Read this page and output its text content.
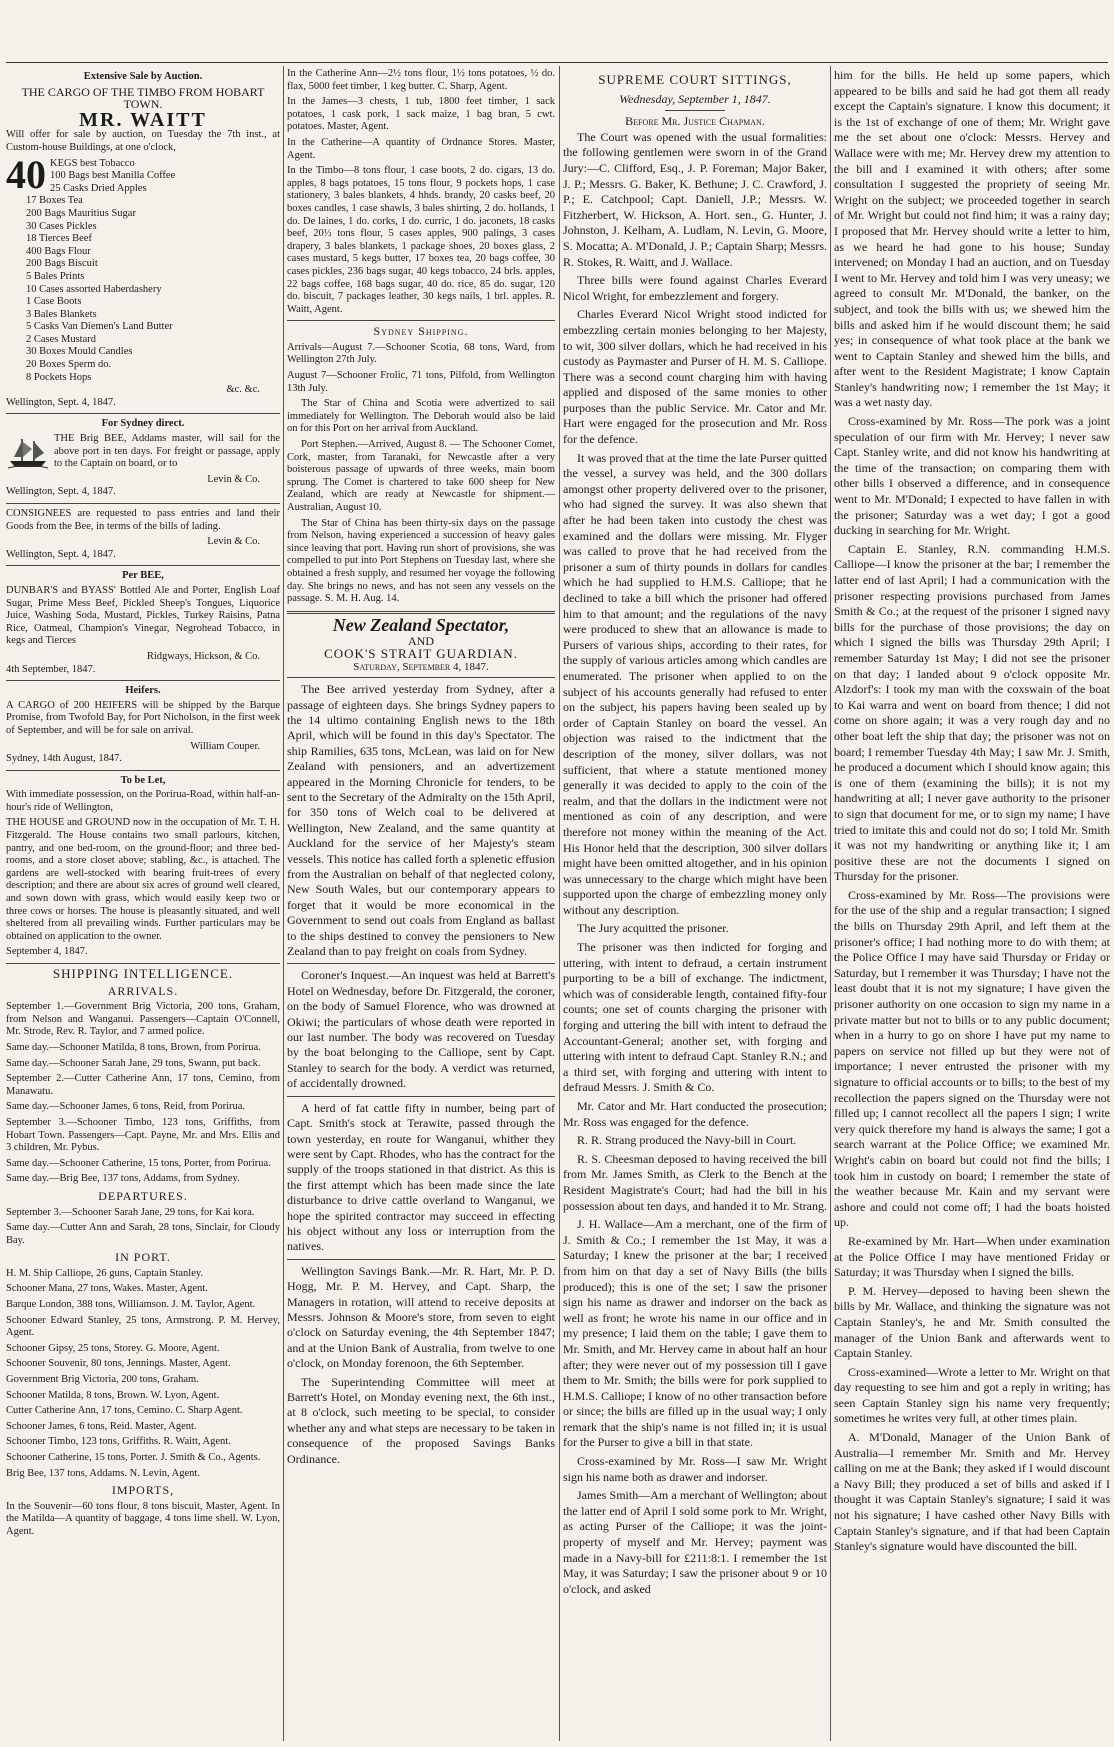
Extensive Sale by Auction.
THE CARGO OF THE TIMBO FROM HOBART TOWN.
MR. WAITT

Will offer for sale by auction, on Tuesday the 7th inst., at Custom-house Buildings, at one o'clock,

40 KEGS best Tobacco
100 Bags best Manilla Coffee
25 Casks Dried Apples
17 Boxes Tea
200 Bags Mauritius Sugar
30 Cases Pickles
18 Tierces Beef
400 Bags Flour
200 Bags Biscuit
5 Bales Prints
10 Cases assorted Haberdashery
1 Case Boots
3 Bales Blankets
5 Casks Van Diemen's Land Butter
2 Cases Mustard
30 Boxes Mould Candles
20 Boxes Sperm do.
8 Pockets Hops
&c. &c.
Wellington, Sept. 4, 1847.
For Sydney direct.

THE Brig BEE, Addams master, will sail for the above port in ten days. For freight or passage, apply to the Captain on board, or to

Levin & Co.
Wellington, Sept. 4, 1847.

CONSIGNEES are requested to pass entries and land their Goods from the Bee, in terms of the bills of lading.

Levin & Co.
Wellington, Sept. 4, 1847.
Per BEE,

DUNBAR'S and BYASS' Bottled Ale and Porter, English Loaf Sugar, Prime Mess Beef, Pickled Sheep's Tongues, Liquorice Juice, Washing Soda, Mustard, Pickles, Turkey Raisins, Patna Rice, Oatmeal, Champion's Vinegar, Negrohead Tobacco, in kegs and Tierces

Ridgways, Hickson, & Co.
4th September, 1847.
Heifers.

A CARGO of 200 HEIFERS will be shipped by the Barque Promise, from Twofold Bay, for Port Nicholson, in the first week of September, and will be for sale on arrival.

William Couper.
Sydney, 14th August, 1847.
To be Let,

With immediate possession, on the Porirua-Road, within half-an-hour's ride of Wellington,

THE HOUSE and GROUND now in the occupation of Mr. T. H. Fitzgerald. The House contains two small parlours, kitchen, pantry, and one bed-room, on the ground-floor; and three bed-rooms, and a store closet above; stabling, &c., is attached. The gardens are well-stocked with bearing fruit-trees of every description; and there are about six acres of ground well cleared, and sown down with grass, which would easily keep two or three cows or horses. The house is pleasantly situated, and well sheltered from all prevailing winds. Further particulars may be obtained on application to the owner.

September 4, 1847.
SHIPPING INTELLIGENCE.
ARRIVALS.

September 1.—Government Brig Victoria, 200 tons, Graham, from Nelson and Wanganui. Passengers—Captain O'Connell, Mr. Strode, Rev. R. Taylor, and 7 armed police.

Same day.—Schooner Matilda, 8 tons, Brown, from Porirua.

Same day.—Schooner Sarah Jane, 29 tons, Swann, put back.

September 2.—Cutter Catherine Ann, 17 tons, Cemino, from Manawatu.

Same day.—Schooner James, 6 tons, Reid, from Porirua.

September 3.—Schooner Timbo, 123 tons, Griffiths, from Hobart Town. Passengers—Capt. Payne, Mr. and Mrs. Ellis and 3 children, Mr. Pybus.

Same day.—Schooner Catherine, 15 tons, Porter, from Porirua.

Same day.—Brig Bee, 137 tons, Addams, from Sydney.

DEPARTURES.

September 3.—Schooner Sarah Jane, 29 tons, for Kai kora.

Same day.—Cutter Ann and Sarah, 28 tons, Sinclair, for Cloudy Bay.

IN PORT.

H. M. Ship Calliope, 26 guns, Captain Stanley.

Schooner Mana, 27 tons, Wakes. Master, Agent.

Barque London, 388 tons, Williamson. J. M. Taylor, Agent.

Schooner Edward Stanley, 25 tons, Armstrong. P. M. Hervey, Agent.

Schooner Gipsy, 25 tons, Storey. G. Moore, Agent.

Schooner Souvenir, 80 tons, Jennings. Master, Agent.

Government Brig Victoria, 200 tons, Graham.

Schooner Matilda, 8 tons, Brown. W. Lyon, Agent.

Cutter Catherine Ann, 17 tons, Cemino. C. Sharp Agent.

Schooner James, 6 tons, Reid. Master, Agent.

Schooner Timbo, 123 tons, Griffiths. R. Waitt, Agent.

Schooner Catherine, 15 tons, Porter. J. Smith & Co., Agents.

Brig Bee, 137 tons, Addams. N. Levin, Agent.

IMPORTS,

In the Souvenir—60 tons flour, 8 tons biscuit, Master, Agent. In the Matilda—A quantity of baggage, 4 tons lime shell. W. Lyon, Agent.

In the Catherine Ann—2½ tons flour, 1½ tons potatoes, ½ do. flax, 5000 feet timber, 1 keg butter. C. Sharp, Agent.

In the James—3 chests, 1 tub, 1800 feet timber, 1 sack potatoes, 1 cask pork, 1 sack maize, 1 bag bran, 5 cwt. potatoes. Master, Agent.

In the Catherine—A quantity of Ordnance Stores. Master, Agent.

In the Timbo—8 tons flour, 1 case boots, 2 do. cigars, 13 do. apples, 8 bags potatoes, 15 tons flour, 9 pockets hops, 1 case stationery, 3 bales blankets, 4 hhds. brandy, 20 casks beef, 20 boxes candles, 1 case shawls, 3 bales shirting, 2 do. hollands, 1 do. De laines, 1 do. corks, 1 do. curric, 1 do. jaconets, 18 casks beef, 20½ tons flour, 5 cases apples, 900 palings, 3 cases drapery, 3 bales blankets, 1 package shoes, 20 boxes glass, 2 cases mustard, 5 kegs butter, 17 boxes tea, 20 bags coffee, 30 cases pickles, 236 bags sugar, 40 kegs tobacco, 24 brls. apples, 22 bags coffee, 168 bags sugar, 40 do. rice, 85 do. sugar, 120 do. biscuit, 7 packages leather, 30 kegs nails, 1 brl. apples. R. Waitt, Agent.

Sydney Shipping.

Arrivals—August 7.—Schooner Scotia, 68 tons, Ward, from Wellington 27th July.

August 7—Schooner Frolic, 71 tons, Pilfold, from Wellington 13th July.

The Star of China and Scotia were advertized to sail immediately for Wellington. The Deborah would also be laid on for this Port on her arrival from Auckland.

Port Stephen.—Arrived, August 8. — The Schooner Comet, Cork, master, from Taranaki, for Newcastle after a very boisterous passage of upwards of three weeks, main boom sprung. The Comet is chartered to take 600 sheep for New Zealand, which are ready at Newcastle for shipment.—Australian, August 10.

The Star of China has been thirty-six days on the passage from Nelson, having experienced a succession of heavy gales since leaving that port. Having run short of provisions, she was compelled to put into Port Stephens on Tuesday last, where she obtained a fresh supply, and resumed her voyage the following day. She brings no news, and has not seen any vessels on the passage. S. M. H. Aug. 14.

New Zealand Spectator,
AND
COOK'S STRAIT GUARDIAN.
Saturday, September 4, 1847.

The Bee arrived yesterday from Sydney, after a passage of eighteen days. She brings Sydney papers to the 14 ultimo containing English news to the 18th April, which will be found in this day's Spectator. The ship Ramilies, 635 tons, McLean, was laid on for New Zealand with pensioners, and an advertizement appeared in the Morning Chronicle for tenders, to be sent to the Secretary of the Admiralty on the 15th April, for 350 tons of Welch coal to be delivered at Wellington, New Zealand, and the same quantity at Auckland for the service of her Majesty's steam vessels. This notice has called forth a splenetic effusion from the Australian on behalf of that neglected colony, New South Wales, but our contemporary appears to forget that it would be more economical in the Government to send out coals from England as ballast to the ships destined to convey the pensioners to New Zealand than to pay freight on coals from Sydney.

Coroner's Inquest.—An inquest was held at Barrett's Hotel on Wednesday, before Dr. Fitzgerald, the coroner, on the body of Samuel Florence, who was drowned at Okiwi; the particulars of whose death were reported in our last number. The body was recovered on Tuesday by the boat belonging to the Calliope, sent by Capt. Stanley to search for the body. A verdict was returned, of accidentally drowned.

A herd of fat cattle fifty in number, being part of Capt. Smith's stock at Terawite, passed through the town yesterday, en route for Wanganui, whither they were sent by Capt. Rhodes, who has the contract for the supply of the troops stationed in that district. As this is the first attempt which has been made since the late disturbance to drive cattle overland to Wanganui, we hope the spirited contractor may succeed in effecting his object without any loss or interruption from the natives.

Wellington Savings Bank.—Mr. R. Hart, Mr. P. D. Hogg, Mr. P. M. Hervey, and Capt. Sharp, the Managers in rotation, will attend to receive deposits at Messrs. Johnson & Moore's store, from seven to eight o'clock on Saturday evening, the 4th September 1847; and at the Union Bank of Australia, from twelve to one o'clock, on Monday forenoon, the 6th September.

The Superintending Committee will meet at Barrett's Hotel, on Monday evening next, the 6th inst., at 8 o'clock, such meeting to be special, to consider whether any and what steps are necessary to be taken in consequence of the proposed Savings Banks Ordinance.

SUPREME COURT SITTINGS,
Wednesday, September 1, 1847.
Before Mr. Justice Chapman.

The Court was opened with the usual formalities: the following gentlemen were sworn in of the Grand Jury:—C. Clifford, Esq., J. P. Foreman; Major Baker, J. P.; Messrs. G. Baker, K. Bethune; J. C. Crawford, J. P.; E. Catchpool; Capt. Daniell, J.P.; Messrs. W. Fitzherbert, W. Hickson, A. Hort. sen., G. Hunter, J. Johnston, J. Kelham, A. Ludlam, N. Levin, G. Moore, S. Mocatta; A. M'Donald, J. P.; Captain Sharp; Messrs. R. Stokes, R. Waitt, and J. Wallace.

Three bills were found against Charles Everard Nicol Wright, for embezzlement and forgery.

Charles Everard Nicol Wright stood indicted for embezzling certain monies belonging to her Majesty, to wit, 300 silver dollars, which he had received in his custody as Paymaster and Purser of H. M. S. Calliope. There was a second count charging him with having applied and disposed of the same monies to other purposes than the public Service. Mr. Cator and Mr. Hart were engaged for the prosecution and Mr. Ross for the defence.

It was proved that at the time the late Purser quitted the vessel, a survey was held, and the 300 dollars amongst other property delivered over to the prisoner, who had signed the survey. It was also shewn that after he had been taken into custody the chest was examined and the dollars were missing. Mr. Flyger was called to prove that he had received from the prisoner a sum of thirty pounds in dollars for candles which he had supplied to H.M.S. Calliope; that he declined to take a bill which the prisoner had offered him to that amount; and the regulations of the navy were produced to shew that an allowance is made to Pursers of various ships, according to their rates, for the supply of various articles among which candles are enumerated. The prisoner when applied to on the subject of his accounts generally had refused to enter on the subject, his papers having been sealed up by order of Captain Stanley on board the vessel. An objection was raised to the indictment that the description of the money, silver dollars, was not sufficient, that where a statute mentioned money generally it was decided to apply to the coin of the realm, and that the dollars in the indictment were not mentioned as coin of any description, and were therefore not money within the meaning of the Act. His Honor held that the description, 300 silver dollars might have been omitted altogether, and in his opinion was unnecessary to the charge which might have been supported upon the charge of embezzling money only without any description.

The Jury acquitted the prisoner.

The prisoner was then indicted for forging and uttering, with intent to defraud, a certain instrument purporting to be a bill of exchange. The indictment, which was of considerable length, contained fifty-four counts; one set of counts charging the prisoner with forging and uttering the bill with intent to defraud the Accountant-General; another set, with forging and uttering with intent to defraud Capt. Stanley R.N.; and a third set, with forging and uttering with intent to defraud Messrs. J. Smith & Co.

Mr. Cator and Mr. Hart conducted the prosecution; Mr. Ross was engaged for the defence.

R. R. Strang produced the Navy-bill in Court.

R. S. Cheesman deposed to having received the bill from Mr. James Smith, as Clerk to the Bench at the Resident Magistrate's Court; had had the bill in his possession about ten days, and handed it to Mr. Strang.

J. H. Wallace—Am a merchant, one of the firm of J. Smith & Co.; I remember the 1st May, it was a Saturday; I knew the prisoner at the bar; I received from him on that day a set of Navy Bills (the bills produced); this is one of the set; I saw the prisoner sign his name as drawer and indorser on the back as well as front; he wrote his name in our office and in my presence; I laid them on the table; I gave them to Mr. Smith, and Mr. Hervey came in about half an hour after; they were never out of my possession till I gave them to Mr. Smith; the bills were for pork supplied to H.M.S. Calliope; I know of no other transaction before or since; the bills are filled up in the usual way; I only remark that the ship's name is not filled in; it is usual for the Purser to give a bill in that state.

Cross-examined by Mr. Ross—I saw Mr. Wright sign his name both as drawer and indorser.

James Smith—Am a merchant of Wellington; about the latter end of April I sold some pork to Mr. Wright, as acting Purser of the Calliope; it was the joint-property of myself and Mr. Hervey; payment was made in a Navy-bill for £211:8:1. I remember the 1st May, it was Saturday; I saw the prisoner about 9 or 10 o'clock, and asked

him for the bills. He held up some papers, which appeared to be bills and said he had got them all ready except the Captain's signature. I know this document; it is the 1st of exchange of one of them; Mr. Wright gave me the set about one o'clock: Messrs. Hervey and Wallace were with me; Mr. Hervey drew my attention to the bill and I examined it with others; after some consultation I suggested the propriety of seeing Mr. Wright on the subject; we proceeded together in search of Mr. Wright but could not find him; it was a rainy day; I proposed that Mr. Hervey should write a letter to him, as we heard he had gone to his house; Sunday intervened; on Monday I had an auction, and on Tuesday I went to Mr. Hervey and told him I was very uneasy; we agreed to consult Mr. M'Donald, the banker, on the subject, and took the bills with us; we shewed him the bills and asked him if he would discount them; he said yes; in consequence of what took place at the bank we went to Captain Stanley and shewed him the bills, and after went to the Resident Magistrate; I know Captain Stanley's handwriting now; I remember the 1st May; it was a wet nasty day.

Cross-examined by Mr. Ross—The pork was a joint speculation of our firm with Mr. Hervey; I never saw Capt. Stanley write, and did not know his handwriting at the time of the transaction; on comparing them with other bills I observed a difference, and in consequence went to Mr. M'Donald; I expected to have fallen in with the prisoner; Saturday was a wet day; I got a good ducking in searching for Mr. Wright.

Captain E. Stanley, R.N. commanding H.M.S. Calliope—I know the prisoner at the bar; I remember the latter end of last April; I had a communication with the prisoner respecting provisions purchased from James Smith & Co.; at the request of the prisoner I signed navy bills for the purchase of those provisions; the day on which I signed the bills was Thursday 29th April; I remember Saturday 1st May; I did not see the prisoner on that day; I landed about 9 o'clock opposite Mr. Alzdorf's: I took my man with the coxswain of the boat to Kai warra and went on board from thence; I did not come on shore again; it was a very rough day and no other boat left the ship that day; the prisoner was not on board; I remember Tuesday 4th May; I saw Mr. J. Smith, he produced a document which I should know again; this is one of them (examining the bills); it is not my handwriting at all; I never gave authority to the prisoner to sign that document for me, or to sign my name; I have tried to imitate this and could not do so; I told Mr. Smith it was not my handwriting or anything like it; I am positive these are not the documents I signed on Thursday for the prisoner.

Cross-examined by Mr. Ross—The provisions were for the use of the ship and a regular transaction; I signed the bills on Thursday 29th April, and left them at the prisoner's office; I had nothing more to do with them; at the Police Office I may have said Thursday or Friday or Saturday, but I remember it was Thursday; I have not the least doubt that it is not my signature; I have given the prisoner authority on one occasion to sign my name in a private matter but not to bills or to any public document; when in a hurry to go on shore I have put my name to papers on service not filled up but they were not of importance; I never entrusted the prisoner with my signature to official accounts or to bills; to the best of my recollection the papers signed on the Thursday were not filled up; I cannot recollect all the papers I sign; I write very quick therefore my hand is always the same; I got a search warrant at the Police Office; we examined Mr. Wright's cabin on board but could not find the bills; I took him in custody on board; I remember the state of the weather because Mr. Kain and my servant were ashore and could not come off; I had the boats hoisted up.

Re-examined by Mr. Hart—When under examination at the Police Office I may have mentioned Friday or Saturday; it was Thursday when I signed the bills.

P. M. Hervey—deposed to having been shewn the bills by Mr. Wallace, and thinking the signature was not Captain Stanley's, he and Mr. Smith consulted the manager of the Union Bank and afterwards went to Captain Stanley.

Cross-examined—Wrote a letter to Mr. Wright on that day requesting to see him and got a reply in writing; has seen Captain Stanley sign his name very frequently; sometimes he writes very full, at other times plain.

A. M'Donald, Manager of the Union Bank of Australia—I remember Mr. Smith and Mr. Hervey calling on me at the Bank; they asked if I would discount a Navy Bill; they produced a set of bills and asked if I thought it was Captain Stanley's signature; I said it was not his signature; I have cashed other Navy Bills with Captain Stanley's signature, and if that had been Captain Stanley's signature would have discounted the bill.
